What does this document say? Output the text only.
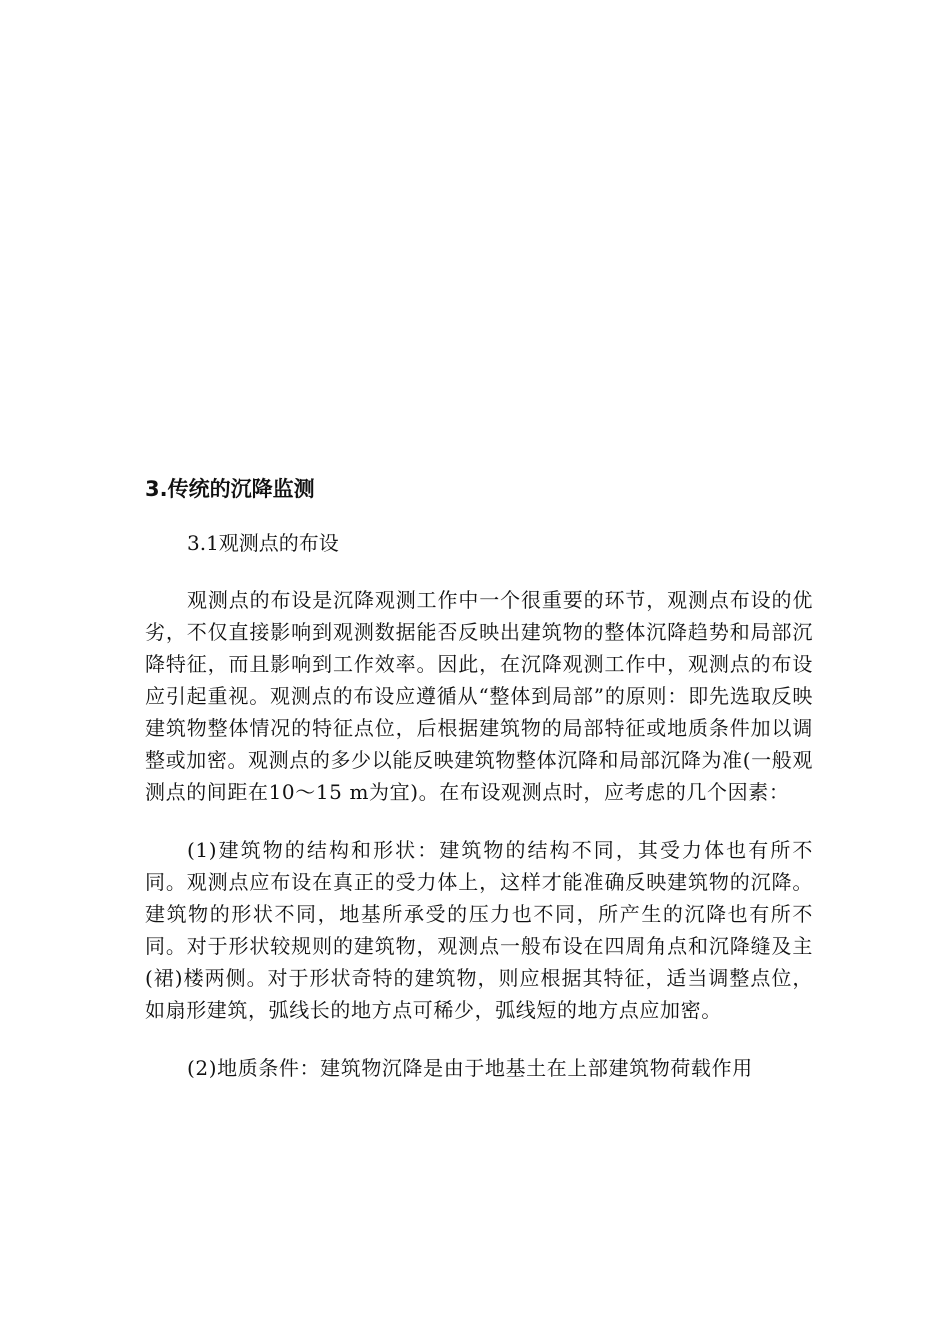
3.传统的沉降监测

3.1观测点的布设

观测点的布设是沉降观测工作中一个很重要的环节，观测点布设的优劣，不仅直接影响到观测数据能否反映出建筑物的整体沉降趋势和局部沉降特征，而且影响到工作效率。因此，在沉降观测工作中，观测点的布设应引起重视。观测点的布设应遵循从“整体到局部”的原则：即先选取反映建筑物整体情况的特征点位，后根据建筑物的局部特征或地质条件加以调整或加密。观测点的多少以能反映建筑物整体沉降和局部沉降为准(一般观测点的间距在10～15 m为宜)。在布设观测点时，应考虑的几个因素：

(1)建筑物的结构和形状：建筑物的结构不同，其受力体也有所不同。观测点应布设在真正的受力体上，这样才能准确反映建筑物的沉降。建筑物的形状不同，地基所承受的压力也不同，所产生的沉降也有所不同。对于形状较规则的建筑物，观测点一般布设在四周角点和沉降缝及主(裙)楼两侧。对于形状奇特的建筑物，则应根据其特征，适当调整点位，如扇形建筑，弧线长的地方点可稀少，弧线短的地方点应加密。

(2)地质条件：建筑物沉降是由于地基土在上部建筑物荷载作用
